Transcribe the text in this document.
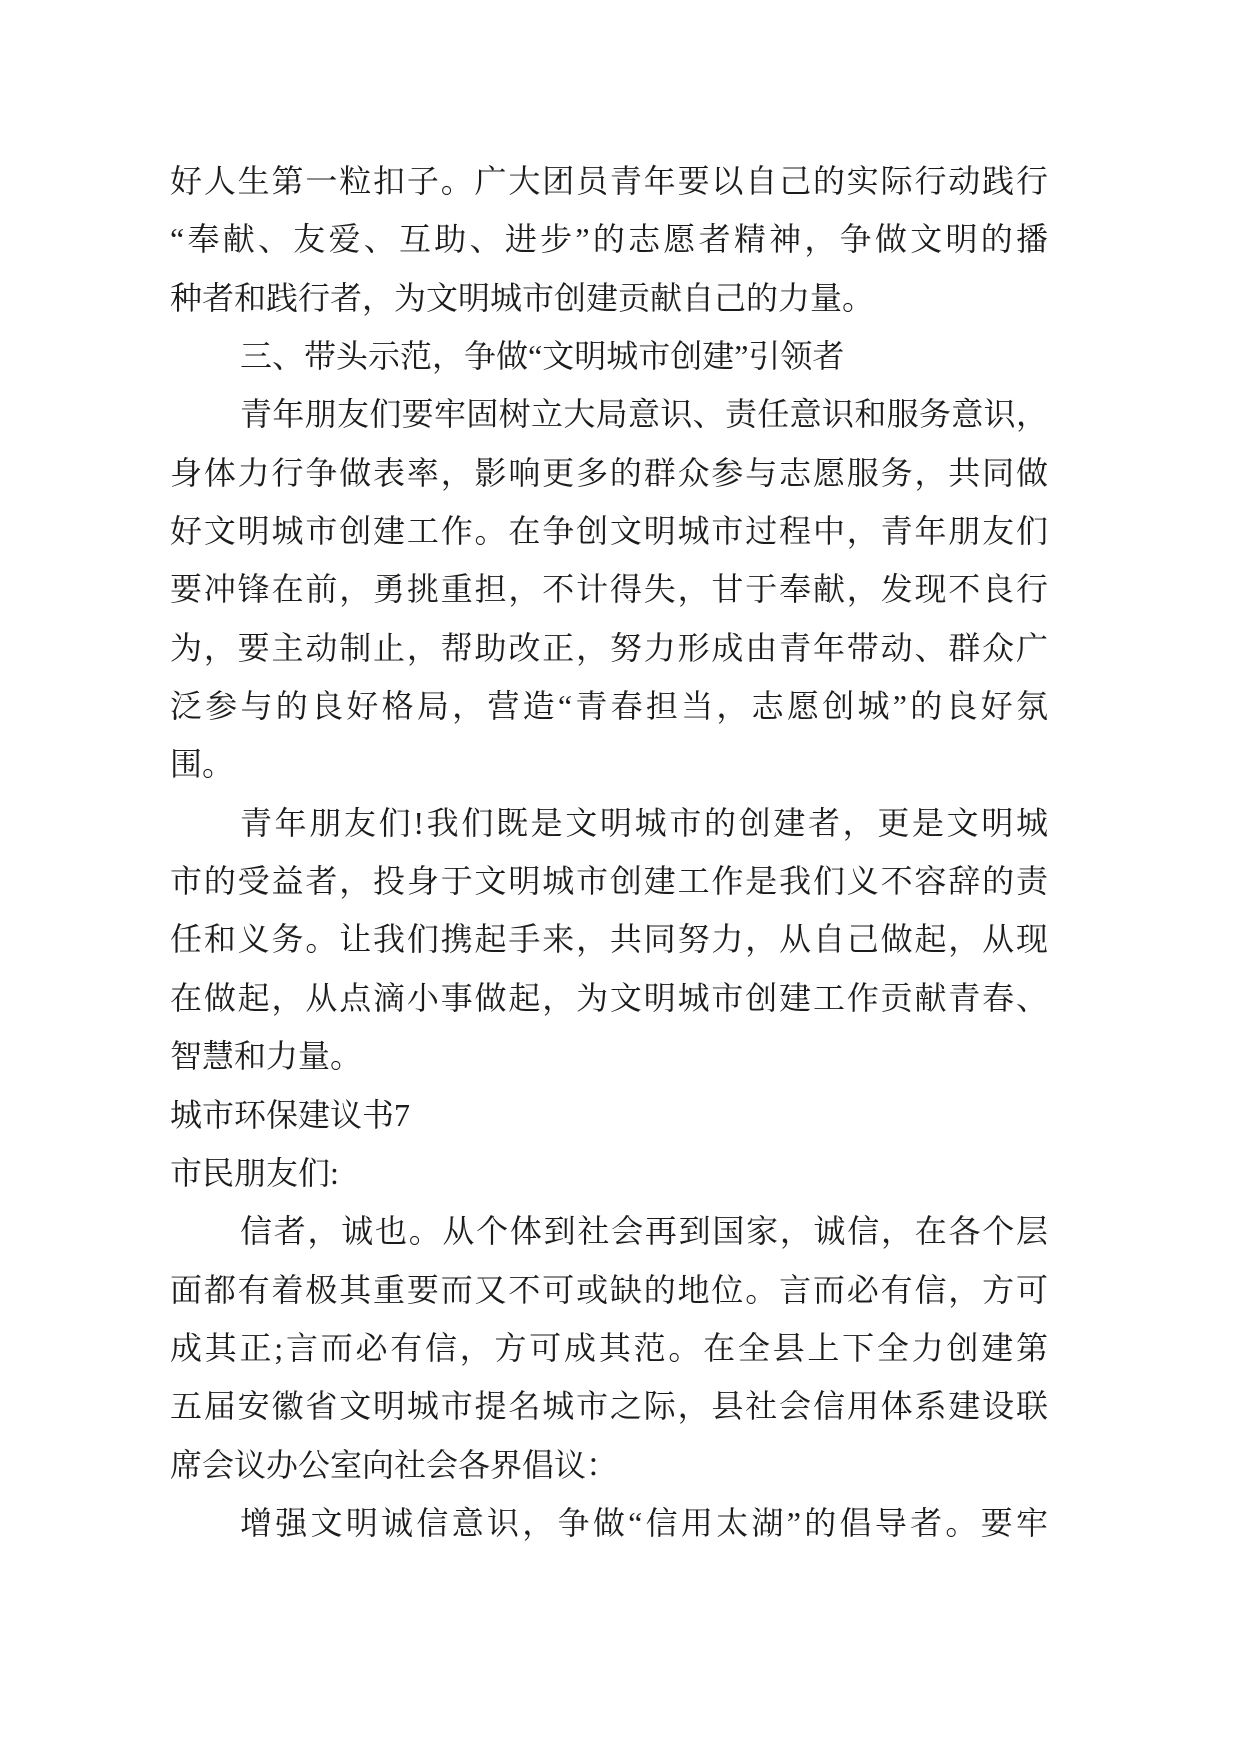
好人生第一粒扣子。广大团员青年要以自己的实际行动践行
“奉献、友爱、互助、进步”的志愿者精神，争做文明的播
种者和践行者，为文明城市创建贡献自己的力量。
三、带头示范，争做“文明城市创建”引领者
青年朋友们要牢固树立大局意识、责任意识和服务意识，
身体力行争做表率，影响更多的群众参与志愿服务，共同做
好文明城市创建工作。在争创文明城市过程中，青年朋友们
要冲锋在前，勇挑重担，不计得失，甘于奉献，发现不良行
为，要主动制止，帮助改正，努力形成由青年带动、群众广
泛参与的良好格局，营造“青春担当，志愿创城”的良好氛
围。
青年朋友们!我们既是文明城市的创建者，更是文明城
市的受益者，投身于文明城市创建工作是我们义不容辞的责
任和义务。让我们携起手来，共同努力，从自己做起，从现
在做起，从点滴小事做起，为文明城市创建工作贡献青春、
智慧和力量。
城市环保建议书7
市民朋友们:
信者，诚也。从个体到社会再到国家，诚信，在各个层
面都有着极其重要而又不可或缺的地位。言而必有信，方可
成其正;言而必有信，方可成其范。在全县上下全力创建第
五届安徽省文明城市提名城市之际，县社会信用体系建设联
席会议办公室向社会各界倡议：
增强文明诚信意识，争做“信用太湖”的倡导者。要牢
